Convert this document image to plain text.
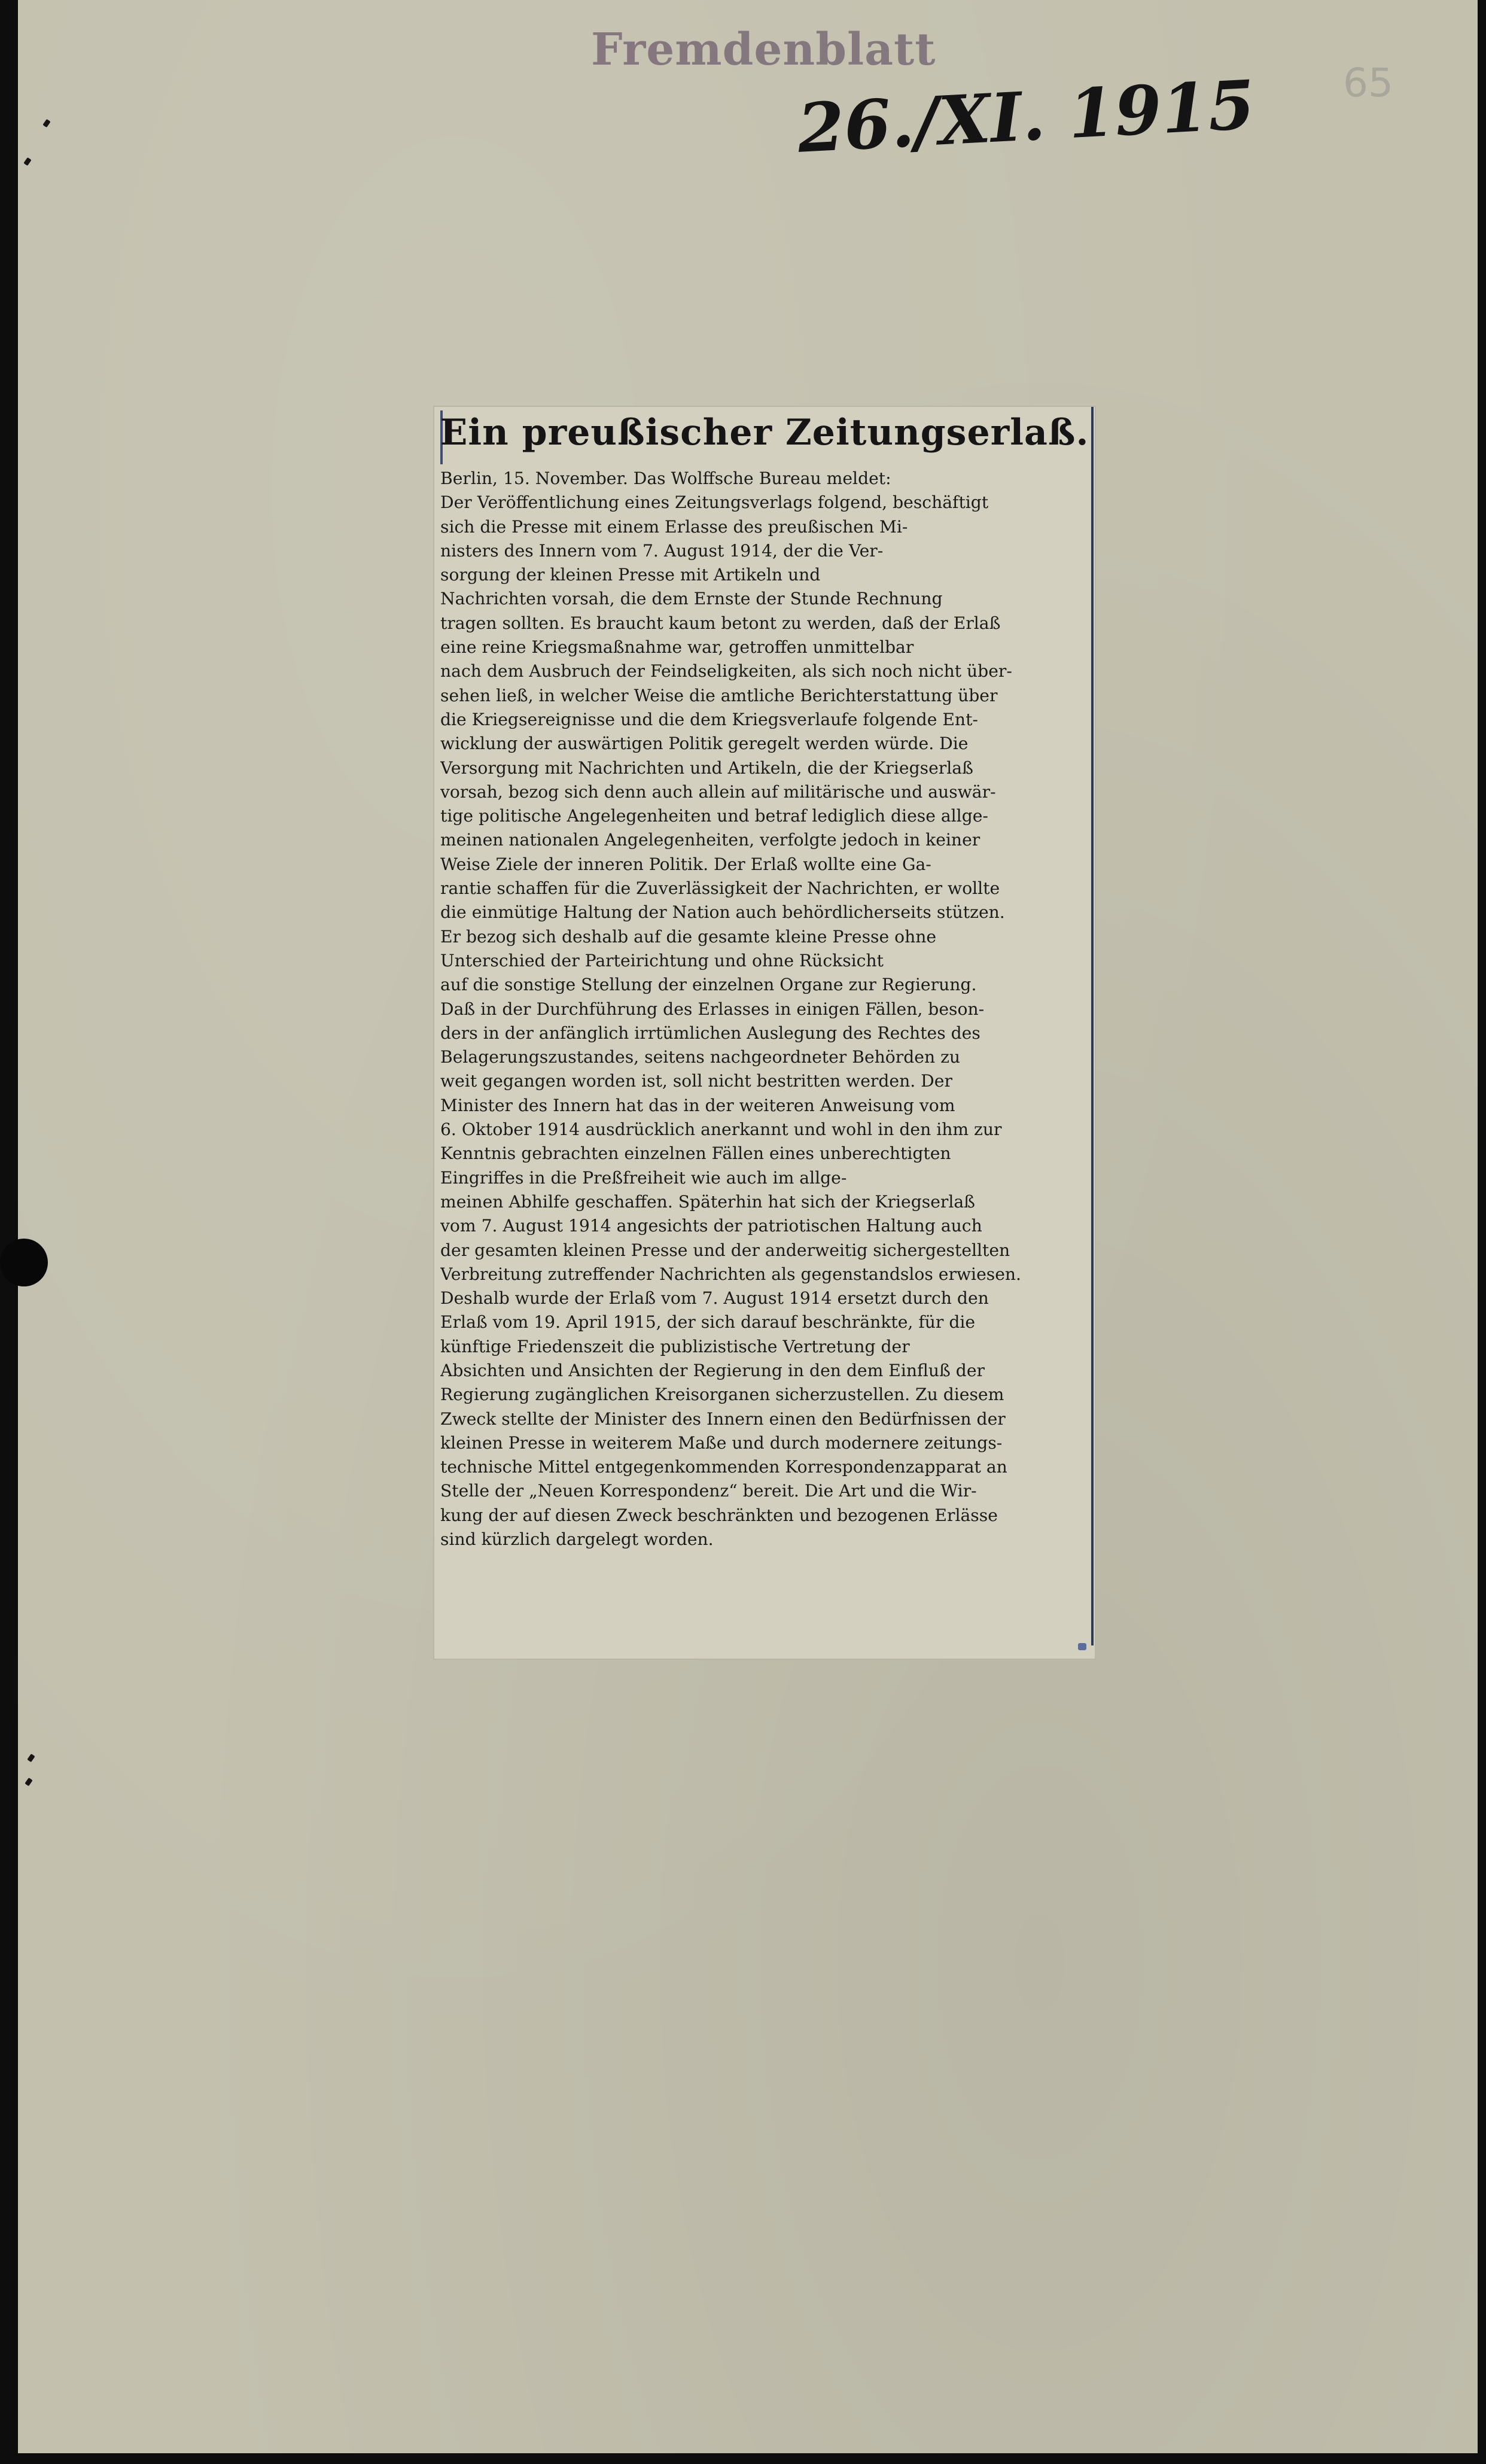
Fremdenblatt
26./XI. 1915 65
Ein preußischer Zeitungserlaß.
Berlin, 15. November. Das Wolffsche Bureau meldet:
Der Veröffentlichung eines Zeitungsverlags folgend, beschäftigt
sich die Presse mit einem Erlasse des preußischen Mi-
nisters des Innern vom 7. August 1914, der die Ver-
sorgung der kleinen Presse mit Artikeln und
Nachrichten vorsah, die dem Ernste der Stunde Rechnung
tragen sollten. Es braucht kaum betont zu werden, daß der Erlaß
eine reine Kriegsmaßnahme war, getroffen unmittelbar
nach dem Ausbruch der Feindseligkeiten, als sich noch nicht über-
sehen ließ, in welcher Weise die amtliche Berichterstattung über
die Kriegsereignisse und die dem Kriegsverlaufe folgende Ent-
wicklung der auswärtigen Politik geregelt werden würde. Die
Versorgung mit Nachrichten und Artikeln, die der Kriegserlaß
vorsah, bezog sich denn auch allein auf militärische und auswär-
tige politische Angelegenheiten und betraf lediglich diese allge-
meinen nationalen Angelegenheiten, verfolgte jedoch in keiner
Weise Ziele der inneren Politik. Der Erlaß wollte eine Ga-
rantie schaffen für die Zuverlässigkeit der Nachrichten, er wollte
die einmütige Haltung der Nation auch behördlicherseits stützen.
Er bezog sich deshalb auf die gesamte kleine Presse ohne
Unterschied der Parteirichtung und ohne Rücksicht
auf die sonstige Stellung der einzelnen Organe zur Regierung.
Daß in der Durchführung des Erlasses in einigen Fällen, beson-
ders in der anfänglich irrtümlichen Auslegung des Rechtes des
Belagerungszustandes, seitens nachgeordneter Behörden zu
weit gegangen worden ist, soll nicht bestritten werden. Der
Minister des Innern hat das in der weiteren Anweisung vom
6. Oktober 1914 ausdrücklich anerkannt und wohl in den ihm zur
Kenntnis gebrachten einzelnen Fällen eines unberechtigten
Eingriffes in die Preßfreiheit wie auch im allge-
meinen Abhilfe geschaffen. Späterhin hat sich der Kriegserlaß
vom 7. August 1914 angesichts der patriotischen Haltung auch
der gesamten kleinen Presse und der anderweitig sichergestellten
Verbreitung zutreffender Nachrichten als gegenstandslos erwiesen.
Deshalb wurde der Erlaß vom 7. August 1914 ersetzt durch den
Erlaß vom 19. April 1915, der sich darauf beschränkte, für die
künftige Friedenszeit die publizistische Vertretung der
Absichten und Ansichten der Regierung in den dem Einfluß der
Regierung zugänglichen Kreisorganen sicherzustellen. Zu diesem
Zweck stellte der Minister des Innern einen den Bedürfnissen der
kleinen Presse in weiterem Maße und durch modernere zeitungs-
technische Mittel entgegenkommenden Korrespondenzapparat an
Stelle der „Neuen Korrespondenz“ bereit. Die Art und die Wir-
kung der auf diesen Zweck beschränkten und bezogenen Erlässe
sind kürzlich dargelegt worden.
